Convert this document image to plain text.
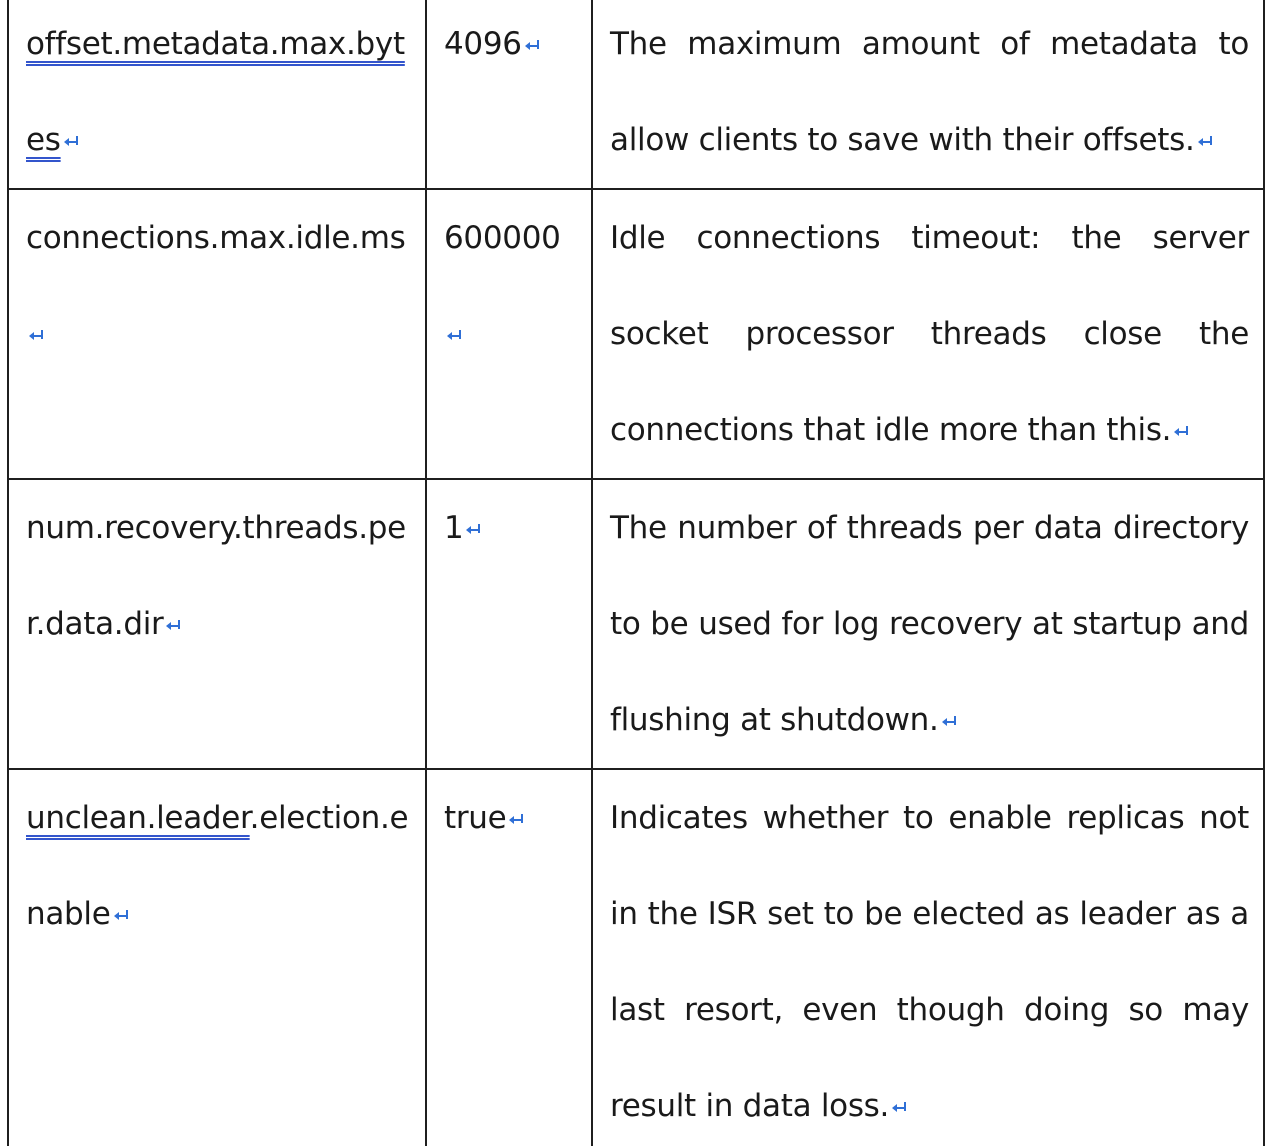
offset.metadata.max.bytes	4096	The maximum amount of metadata to allow clients to save with their offsets.

connections.max.idle.ms	600000	Idle connections timeout: the server socket processor threads close the connections that idle more than this.

num.recovery.threads.per.data.dir	1	The number of threads per data directory to be used for log recovery at startup and flushing at shutdown.

unclean.leader.election.enable	true	Indicates whether to enable replicas not in the ISR set to be elected as leader as a last resort, even though doing so may result in data loss.
